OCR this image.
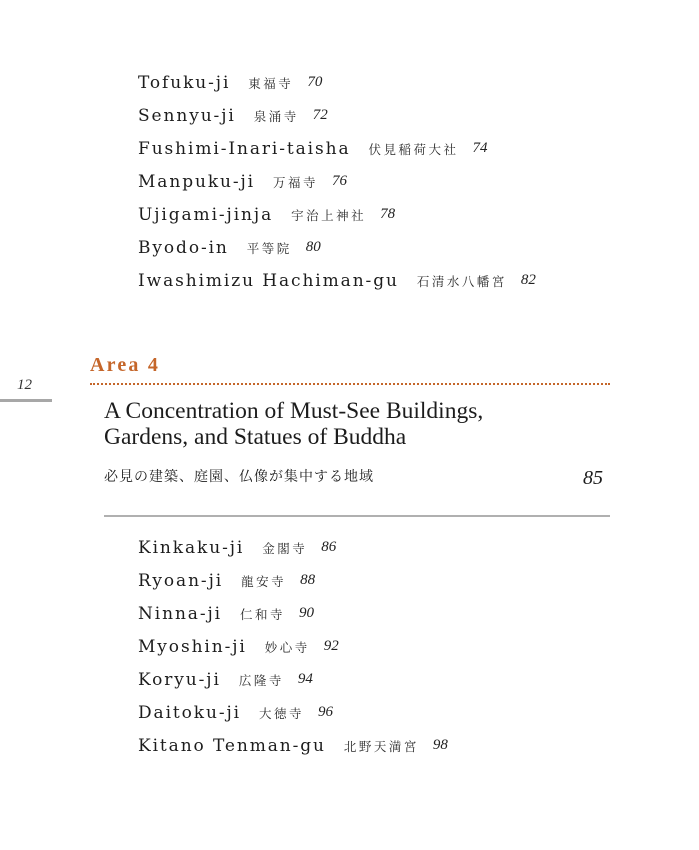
Tofuku-ji 東福寺 70
Sennyu-ji 泉涌寺 72
Fushimi-Inari-taisha 伏見稲荷大社 74
Manpuku-ji 万福寺 76
Ujigami-jinja 宇治上神社 78
Byodo-in 平等院 80
Iwashimizu Hachiman-gu 石清水八幡宮 82
12
Area 4
A Concentration of Must-See Buildings,
Gardens, and Statues of Buddha
必見の建築、庭園、仏像が集中する地域	85
Kinkaku-ji 金閣寺 86
Ryoan-ji 龍安寺 88
Ninna-ji 仁和寺 90
Myoshin-ji 妙心寺 92
Koryu-ji 広隆寺 94
Daitoku-ji 大徳寺 96
Kitano Tenman-gu 北野天満宮 98
